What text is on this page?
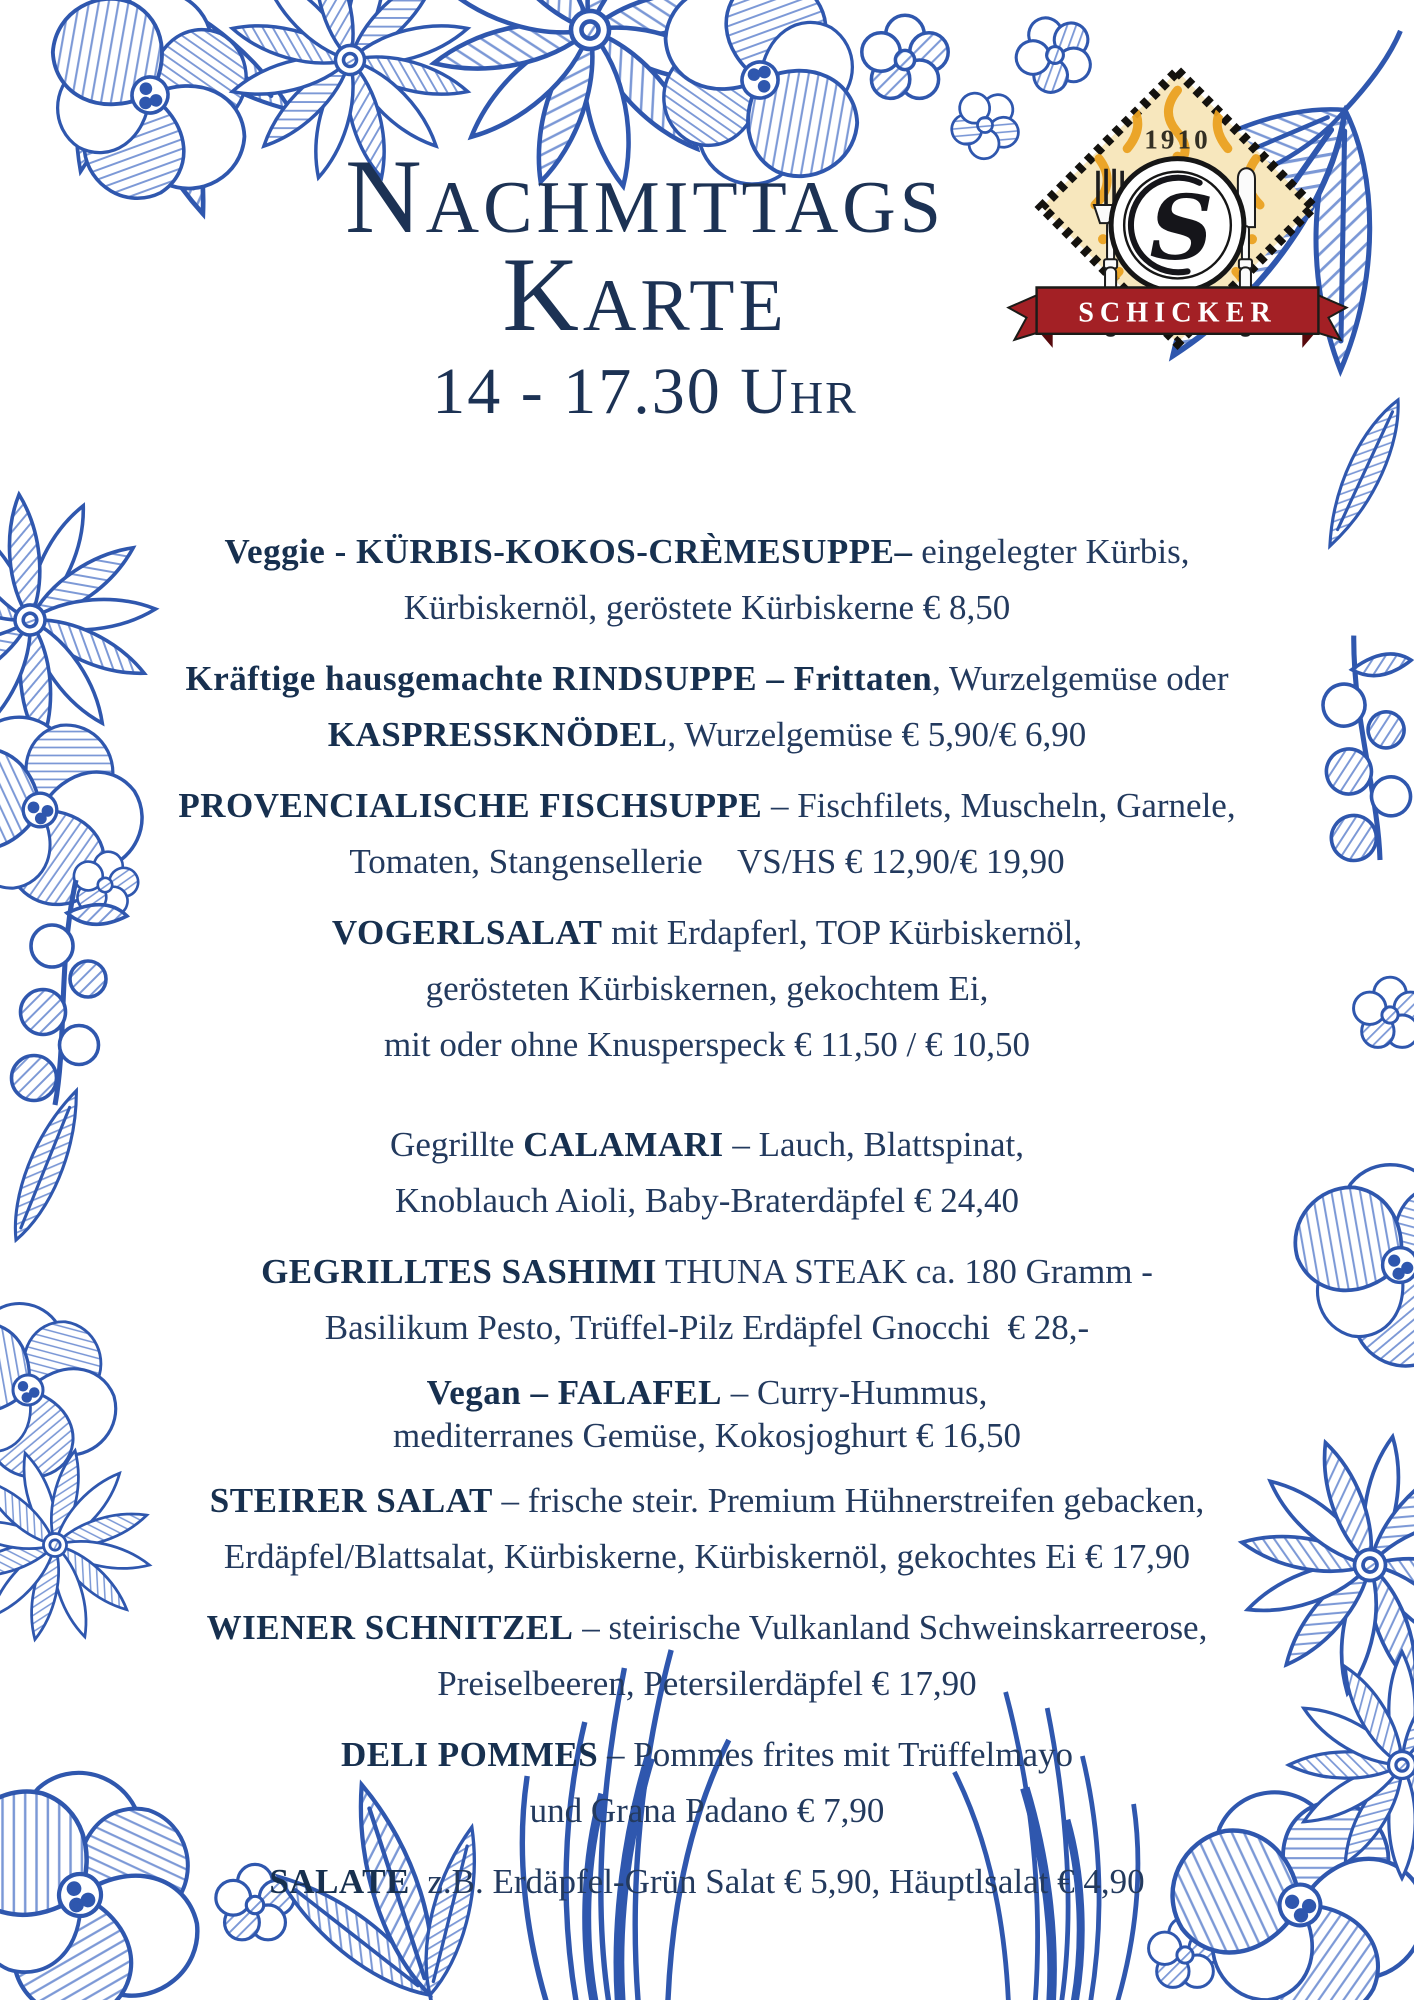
1910
S
SCHICKER
Nachmittags
Karte
14 - 17.30 Uhr
Veggie - KÜRBIS-KOKOS-CRÈMESUPPE– eingelegter Kürbis,
Kürbiskernöl, geröstete Kürbiskerne € 8,50
Kräftige hausgemachte RINDSUPPE – Frittaten, Wurzelgemüse oder
KASPRESSKNÖDEL, Wurzelgemüse € 5,90/€ 6,90
PROVENCIALISCHE FISCHSUPPE – Fischfilets, Muscheln, Garnele,
Tomaten, Stangensellerie    VS/HS € 12,90/€ 19,90
VOGERLSALAT mit Erdapferl, TOP Kürbiskernöl,
gerösteten Kürbiskernen, gekochtem Ei,
mit oder ohne Knusperspeck € 11,50 / € 10,50
Gegrillte CALAMARI – Lauch, Blattspinat,
Knoblauch Aioli, Baby-Braterdäpfel € 24,40
GEGRILLTES SASHIMI THUNA STEAK ca. 180 Gramm -
Basilikum Pesto, Trüffel-Pilz Erdäpfel Gnocchi  € 28,-
Vegan – FALAFEL – Curry-Hummus,
mediterranes Gemüse, Kokosjoghurt € 16,50
STEIRER SALAT – frische steir. Premium Hühnerstreifen gebacken,
Erdäpfel/Blattsalat, Kürbiskerne, Kürbiskernöl, gekochtes Ei € 17,90
WIENER SCHNITZEL – steirische Vulkanland Schweinskarreerose,
Preiselbeeren, Petersilerdäpfel € 17,90
DELI POMMES – Pommes frites mit Trüffelmayo
und Grana Padano € 7,90
SALATE  z.B. Erdäpfel-Grün Salat € 5,90, Häuptlsalat € 4,90
